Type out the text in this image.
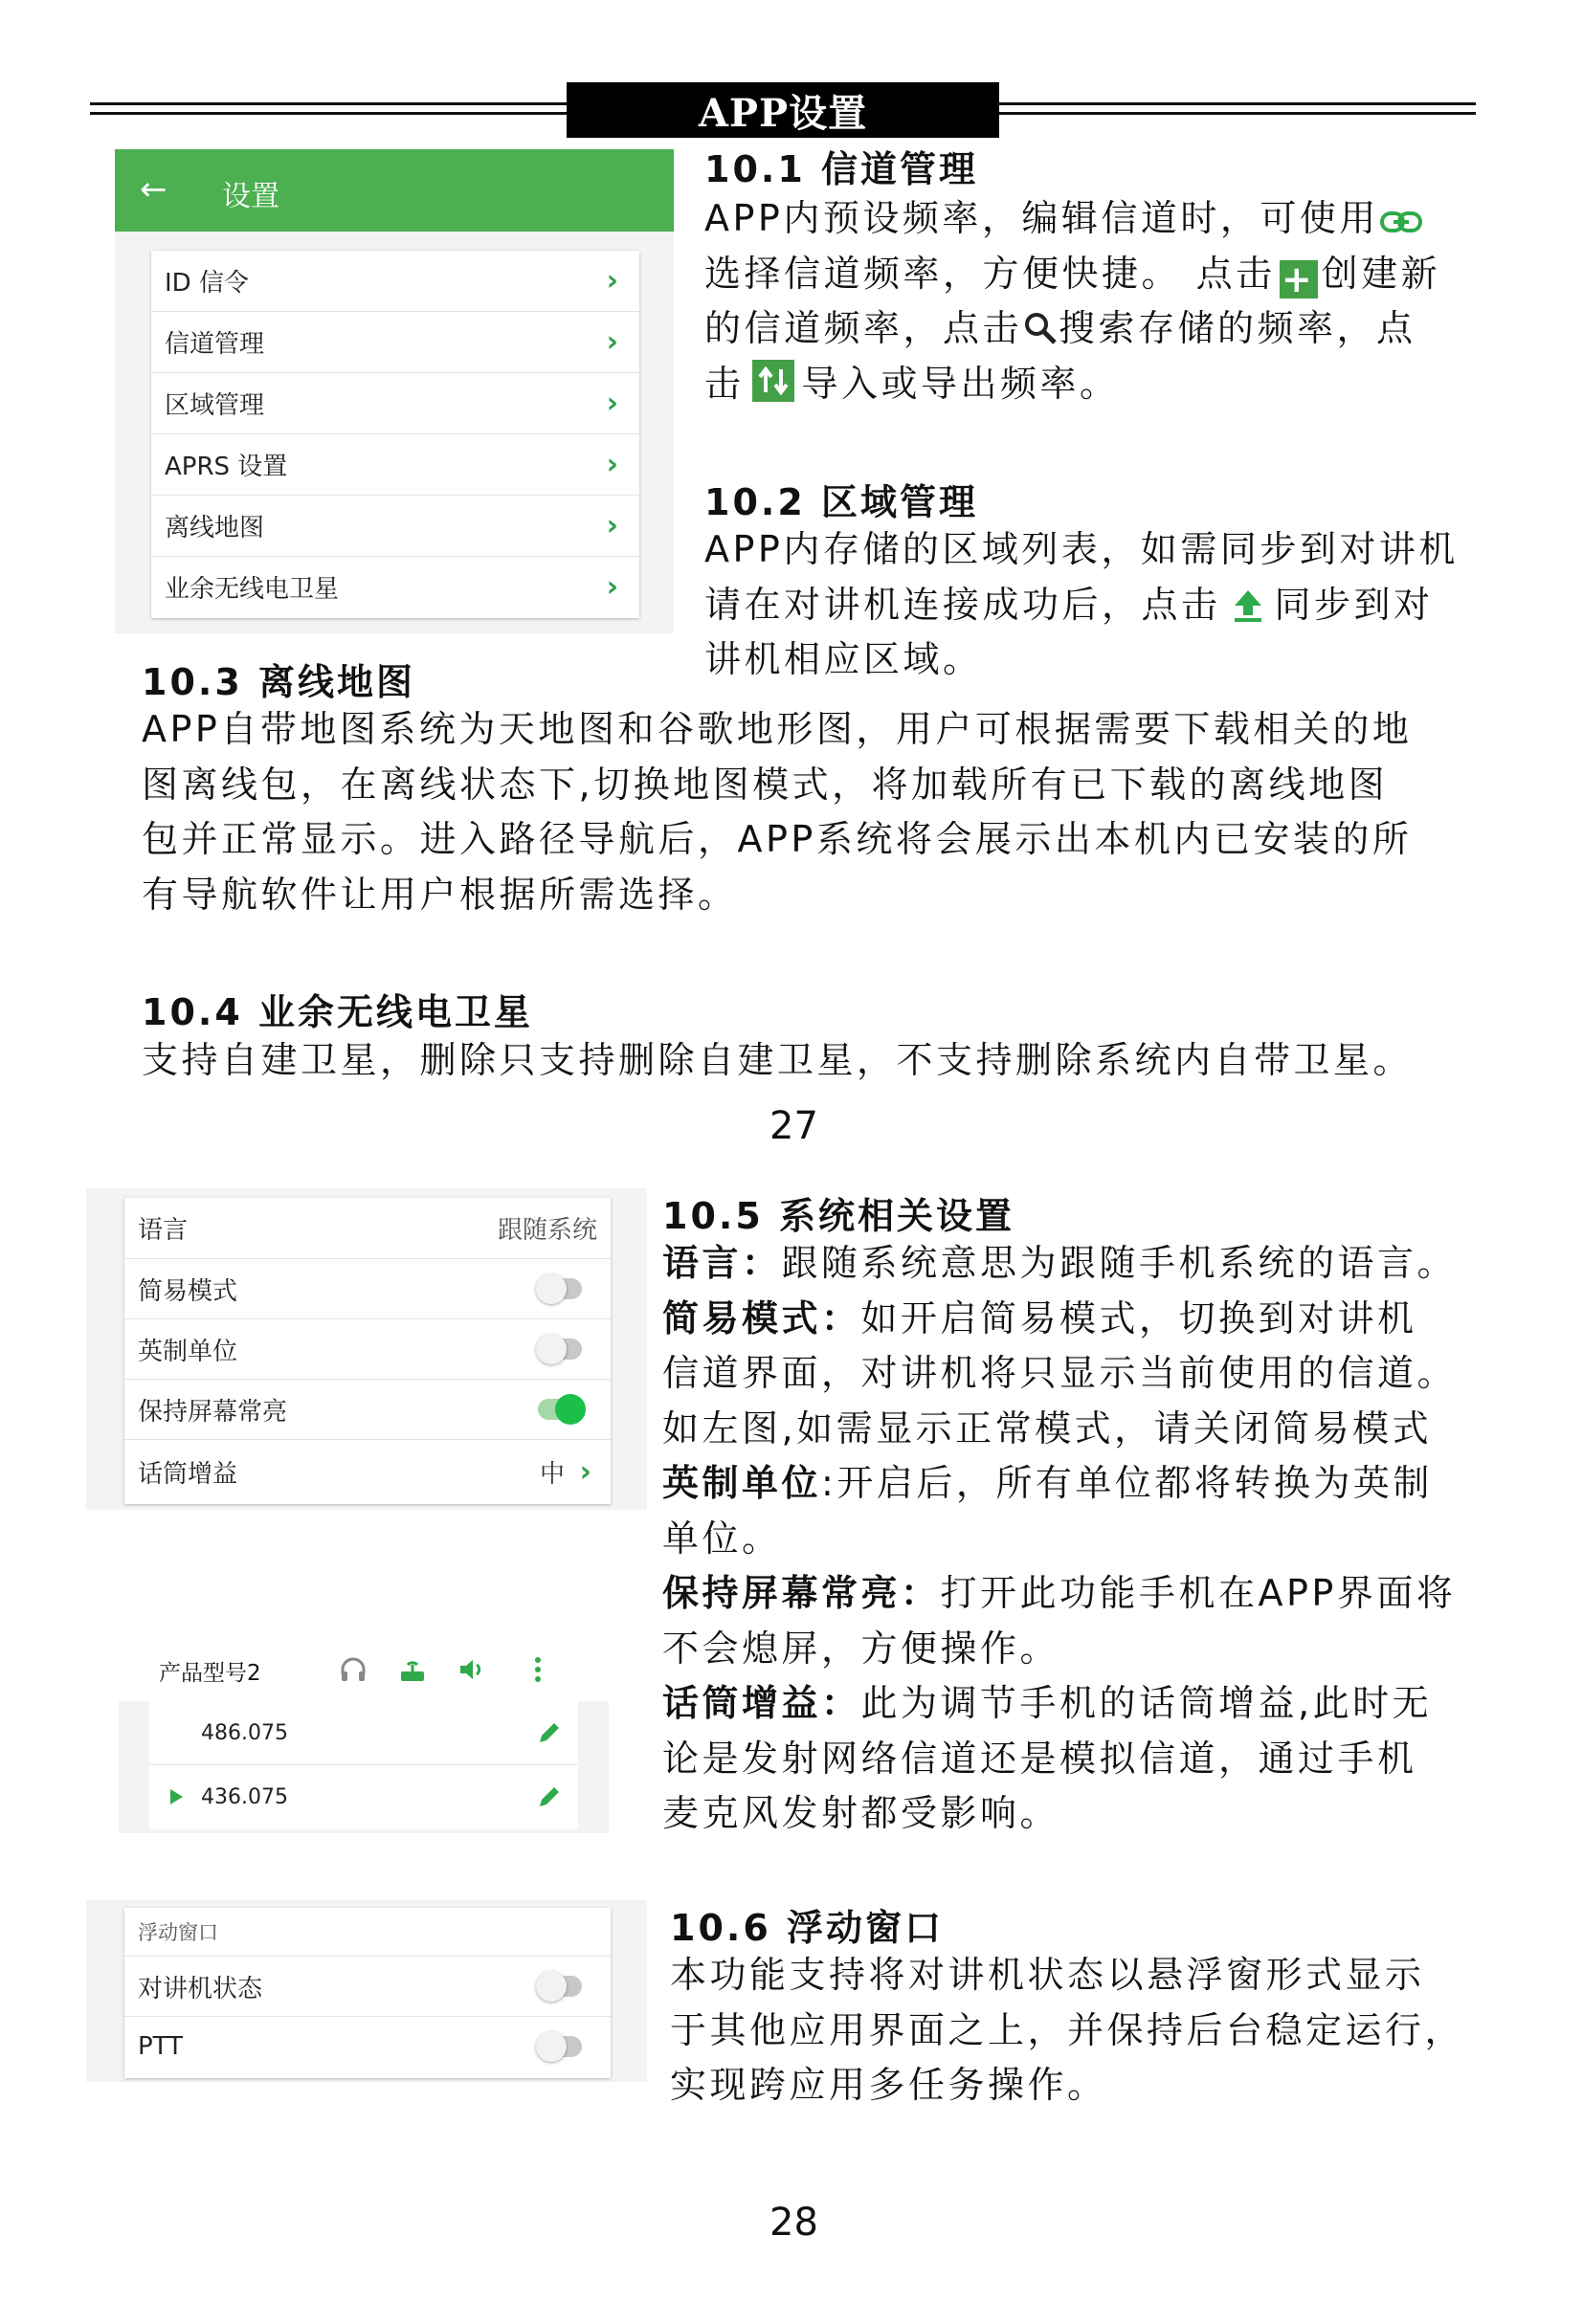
APP设置
← 设置
ID 信令	›
信道管理	›
区域管理	›
APRS 设置	›
离线地图	›
业余无线电卫星	›
10.1 信道管理
APP内预设频率，编辑信道时，可使用
选择信道频率，方便快捷。 点击 + 创建新
的信道频率，点击 搜索存储的频率，点
击 导入或导出频率。
10.2 区域管理
APP内存储的区域列表，如需同步到对讲机
请在对讲机连接成功后，点击 同步到对
讲机相应区域。
10.3 离线地图
APP自带地图系统为天地图和谷歌地形图，用户可根据需要下载相关的地
图离线包，在离线状态下,切换地图模式，将加载所有已下载的离线地图
包并正常显示。进入路径导航后，APP系统将会展示出本机内已安装的所
有导航软件让用户根据所需选择。
10.4 业余无线电卫星
支持自建卫星，删除只支持删除自建卫星，不支持删除系统内自带卫星。
27
语言	跟随系统
简易模式
英制单位
保持屏幕常亮
话筒增益	中 ›
产品型号2
486.075
436.075
10.5 系统相关设置
语言：跟随系统意思为跟随手机系统的语言。
简易模式：如开启简易模式，切换到对讲机
信道界面，对讲机将只显示当前使用的信道。
如左图,如需显示正常模式，请关闭简易模式
英制单位:开启后，所有单位都将转换为英制
单位。
保持屏幕常亮：打开此功能手机在APP界面将
不会熄屏，方便操作。
话筒增益：此为调节手机的话筒增益,此时无
论是发射网络信道还是模拟信道，通过手机
麦克风发射都受影响。
浮动窗口
对讲机状态
PTT
10.6 浮动窗口
本功能支持将对讲机状态以悬浮窗形式显示
于其他应用界面之上，并保持后台稳定运行，
实现跨应用多任务操作。
28
